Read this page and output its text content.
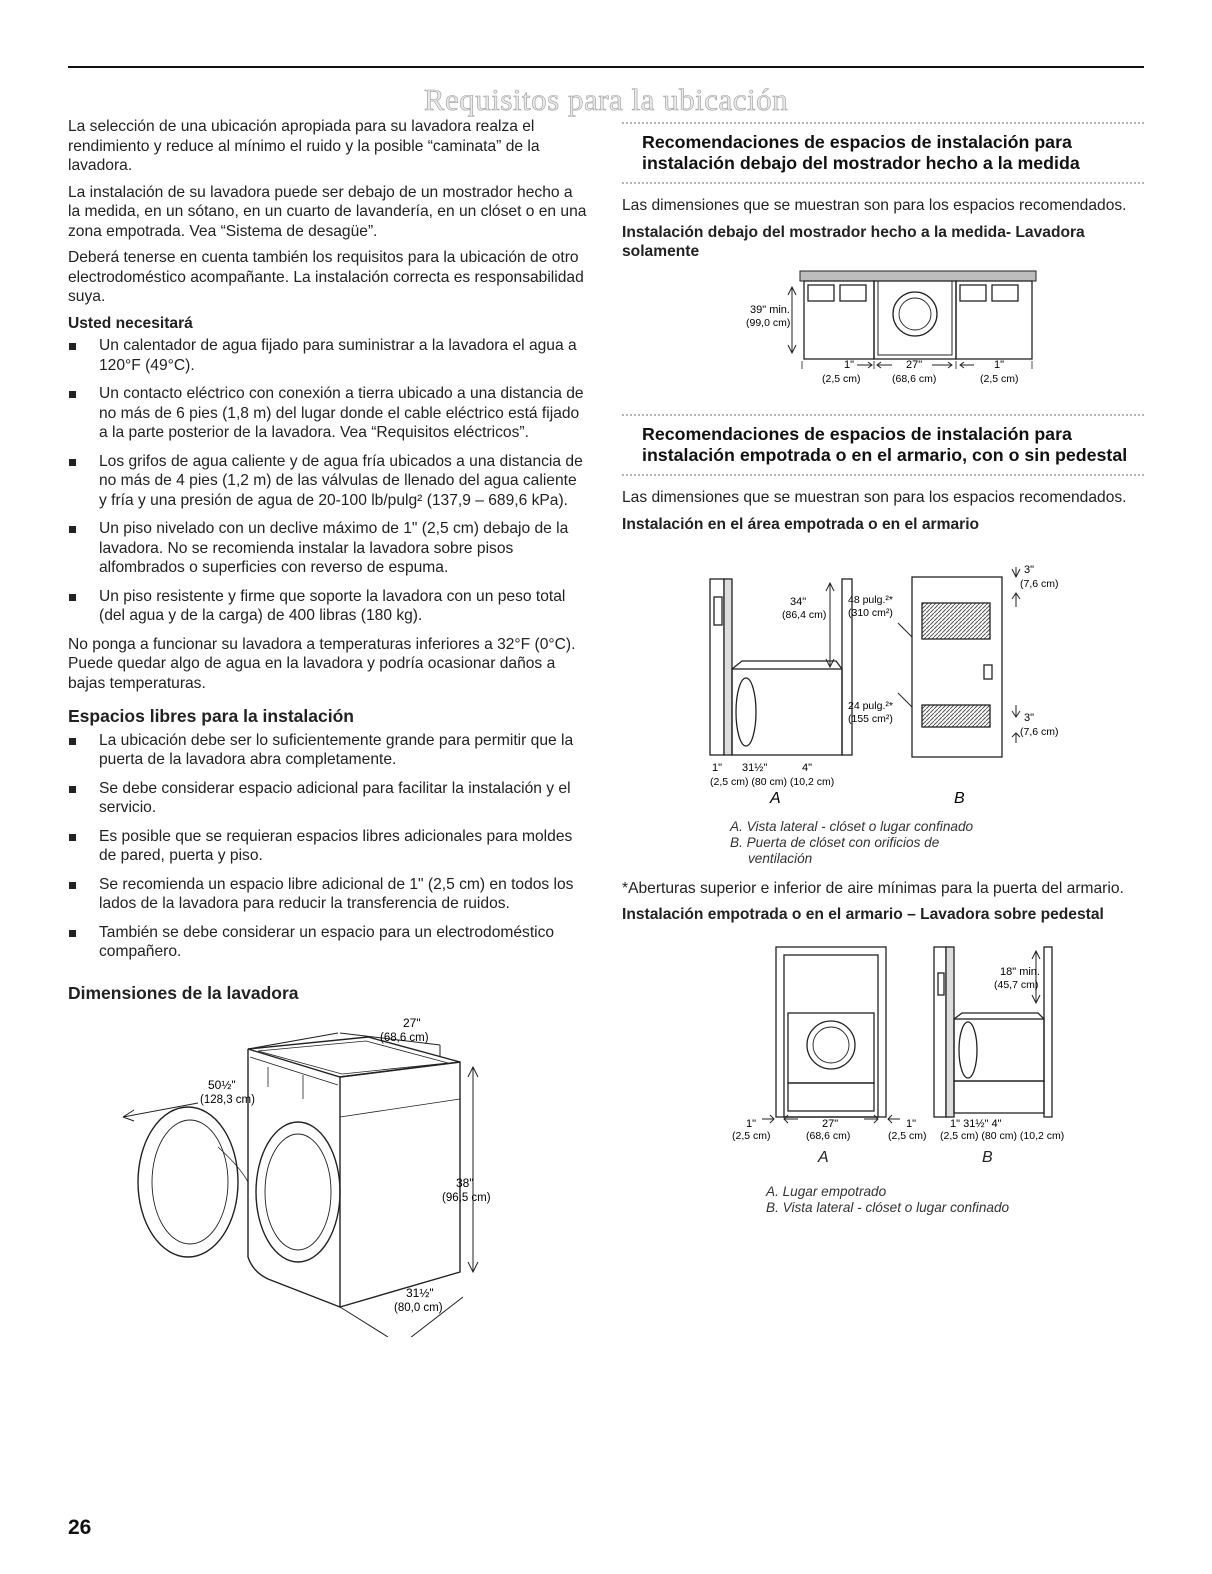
Requisitos para la ubicación

La selección de una ubicación apropiada para su lavadora realza el rendimiento y reduce al mínimo el ruido y la posible “caminata” de la lavadora.

La instalación de su lavadora puede ser debajo de un mostrador hecho a la medida, en un sótano, en un cuarto de lavandería, en un clóset o en una zona empotrada. Vea “Sistema de desagüe”.

Deberá tenerse en cuenta también los requisitos para la ubicación de otro electrodoméstico acompañante. La instalación correcta es responsabilidad suya.

Usted necesitará
Un calentador de agua fijado para suministrar a la lavadora el agua a 120°F (49°C).
Un contacto eléctrico con conexión a tierra ubicado a una distancia de no más de 6 pies (1,8 m) del lugar donde el cable eléctrico está fijado a la parte posterior de la lavadora. Vea “Requisitos eléctricos”.
Los grifos de agua caliente y de agua fría ubicados a una distancia de no más de 4 pies (1,2 m) de las válvulas de llenado del agua caliente y fría y una presión de agua de 20-100 lb/pulg² (137,9 – 689,6 kPa).
Un piso nivelado con un declive máximo de 1" (2,5 cm) debajo de la lavadora. No se recomienda instalar la lavadora sobre pisos alfombrados o superficies con reverso de espuma.
Un piso resistente y firme que soporte la lavadora con un peso total (del agua y de la carga) de 400 libras (180 kg).

No ponga a funcionar su lavadora a temperaturas inferiores a 32°F (0°C). Puede quedar algo de agua en la lavadora y podría ocasionar daños a bajas temperaturas.

Espacios libres para la instalación
La ubicación debe ser lo suficientemente grande para permitir que la puerta de la lavadora abra completamente.
Se debe considerar espacio adicional para facilitar la instalación y el servicio.
Es posible que se requieran espacios libres adicionales para moldes de pared, puerta y piso.
Se recomienda un espacio libre adicional de 1" (2,5 cm) en todos los lados de la lavadora para reducir la transferencia de ruidos.
También se debe considerar un espacio para un electrodoméstico compañero.
Dimensiones de la lavadora
50½"
(128,3 cm)
27"
(68,6 cm)
38"
(96,5 cm)
31½"
(80,0 cm)
Recomendaciones de espacios de instalación para instalación debajo del mostrador hecho a la medida

Las dimensiones que se muestran son para los espacios recomendados.

Instalación debajo del mostrador hecho a la medida- Lavadora solamente
39" min.
(99,0 cm)
1"
(2,5 cm)
27"
(68,6 cm)
1"
(2,5 cm)
Recomendaciones de espacios de instalación para instalación empotrada o en el armario, con o sin pedestal

Las dimensiones que se muestran son para los espacios recomendados.

Instalación en el área empotrada o en el armario
34"
(86,4 cm)
48 pulg.²*
(310 cm²)
24 pulg.²*
(155 cm²)
3"
(7,6 cm)
3"
(7,6 cm)
1" 31½"	4"
(2,5 cm) (80 cm) (10,2 cm)
A	B
A. Vista lateral - clóset o lugar confinado
B. Puerta de clóset con orificios de
ventilación

*Aberturas superior e inferior de aire mínimas para la puerta del armario.

Instalación empotrada o en el armario – Lavadora sobre pedestal
18" min.
(45,7 cm)
1"
(2,5 cm)
27"
(68,6 cm)
1"
(2,5 cm)
1" 31½" 4"
(2,5 cm) (80 cm) (10,2 cm)
A	B
A. Lugar empotrado
B. Vista lateral - clóset o lugar confinado
26
